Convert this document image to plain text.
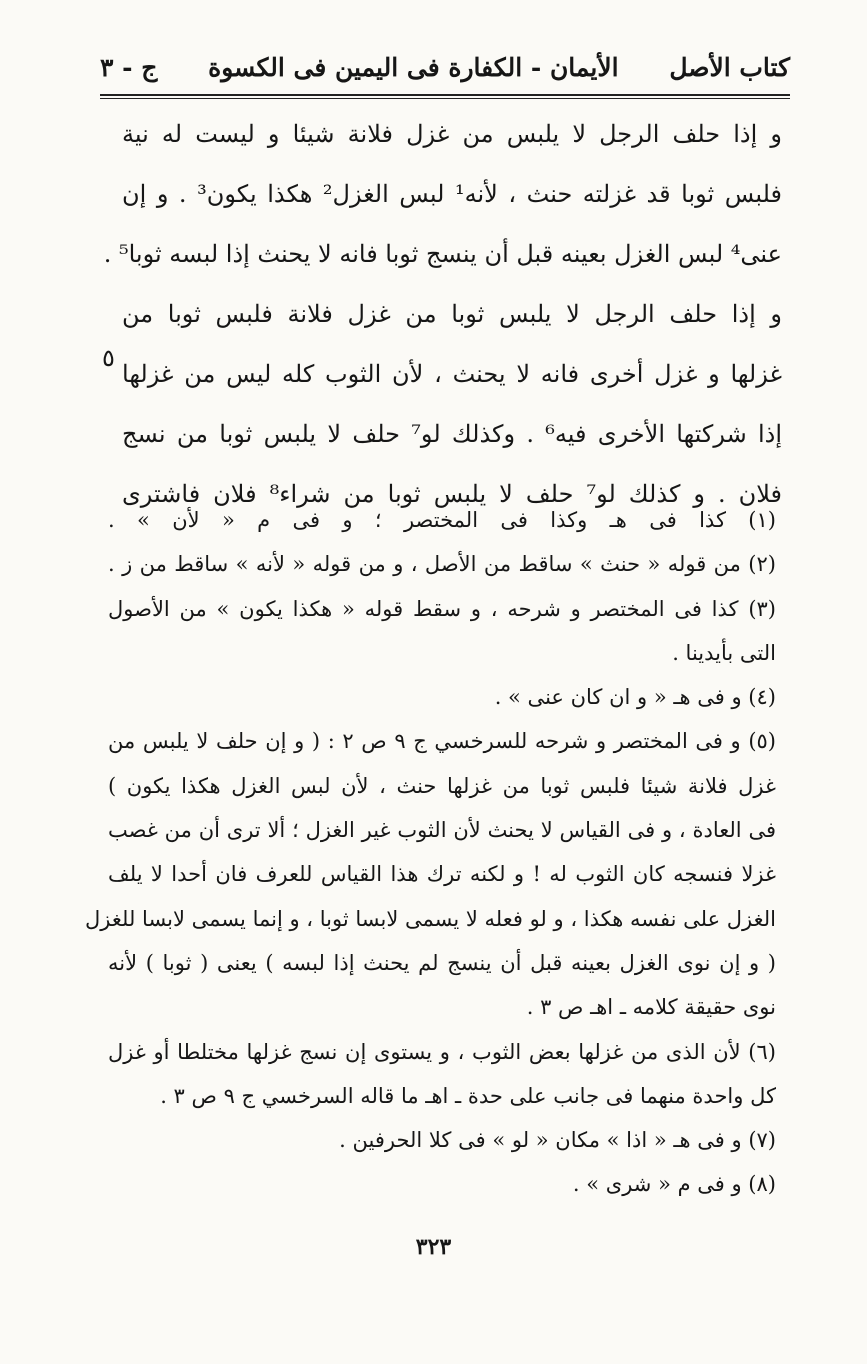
كتاب الأصل
الأيمان - الكفارة فى اليمين فى الكسوة
ج - ٣
و إذا حلف الرجل لا يلبس من غزل فلانة شيئا و ليست له نية
فلبس ثوبا قد غزلته حنث ، لأنه¹ لبس الغزل² هكذا يكون³ . و إن
عنى⁴ لبس الغزل بعينه قبل أن ينسج ثوبا فانه لا يحنث إذا لبسه ثوبا⁵ .
و إذا حلف الرجل لا يلبس ثوبا من غزل فلانة فلبس ثوبا من
غزلها و غزل أخرى فانه لا يحنث ، لأن الثوب كله ليس من غزلها
إذا شركتها الأخرى فيه⁶ . وكذلك لو⁷ حلف لا يلبس ثوبا من نسج
فلان . و كذلك لو⁷ حلف لا يلبس ثوبا من شراء⁸ فلان فاشترى
٥
(١) كذا فى هـ وكذا فى المختصر ؛ و فى م « لأن » .
(٢) من قوله « حنث » ساقط من الأصل ، و من قوله « لأنه » ساقط من ز .
(٣) كذا فى المختصر و شرحه ، و سقط قوله « هكذا يكون » من الأصول
التى بأيدينا .
(٤) و فى هـ « و ان كان عنى » .
(٥) و فى المختصر و شرحه للسرخسي ج ٩ ص ٢ : ( و إن حلف لا يلبس من
غزل فلانة شيئا فلبس ثوبا من غزلها حنث ، لأن لبس الغزل هكذا يكون )
فى العادة ، و فى القياس لا يحنث لأن الثوب غير الغزل ؛ ألا ترى أن من غصب
غزلا فنسجه كان الثوب له ! و لكنه ترك هذا القياس للعرف فان أحدا لا يلف
الغزل على نفسه هكذا ، و لو فعله لا يسمى لابسا ثوبا ، و إنما يسمى لابسا للغزل
( و إن نوى الغزل بعينه قبل أن ينسج لم يحنث إذا لبسه ) يعنى ( ثوبا ) لأنه
نوى حقيقة كلامه ـ اهـ ص ٣ .
(٦) لأن الذى من غزلها بعض الثوب ، و يستوى إن نسج غزلها مختلطا أو غزل
كل واحدة منهما فى جانب على حدة ـ اهـ ما قاله السرخسي ج ٩ ص ٣ .
(٧) و فى هـ « اذا » مكان « لو » فى كلا الحرفين .
(٨) و فى م « شرى » .
٣٢٣
